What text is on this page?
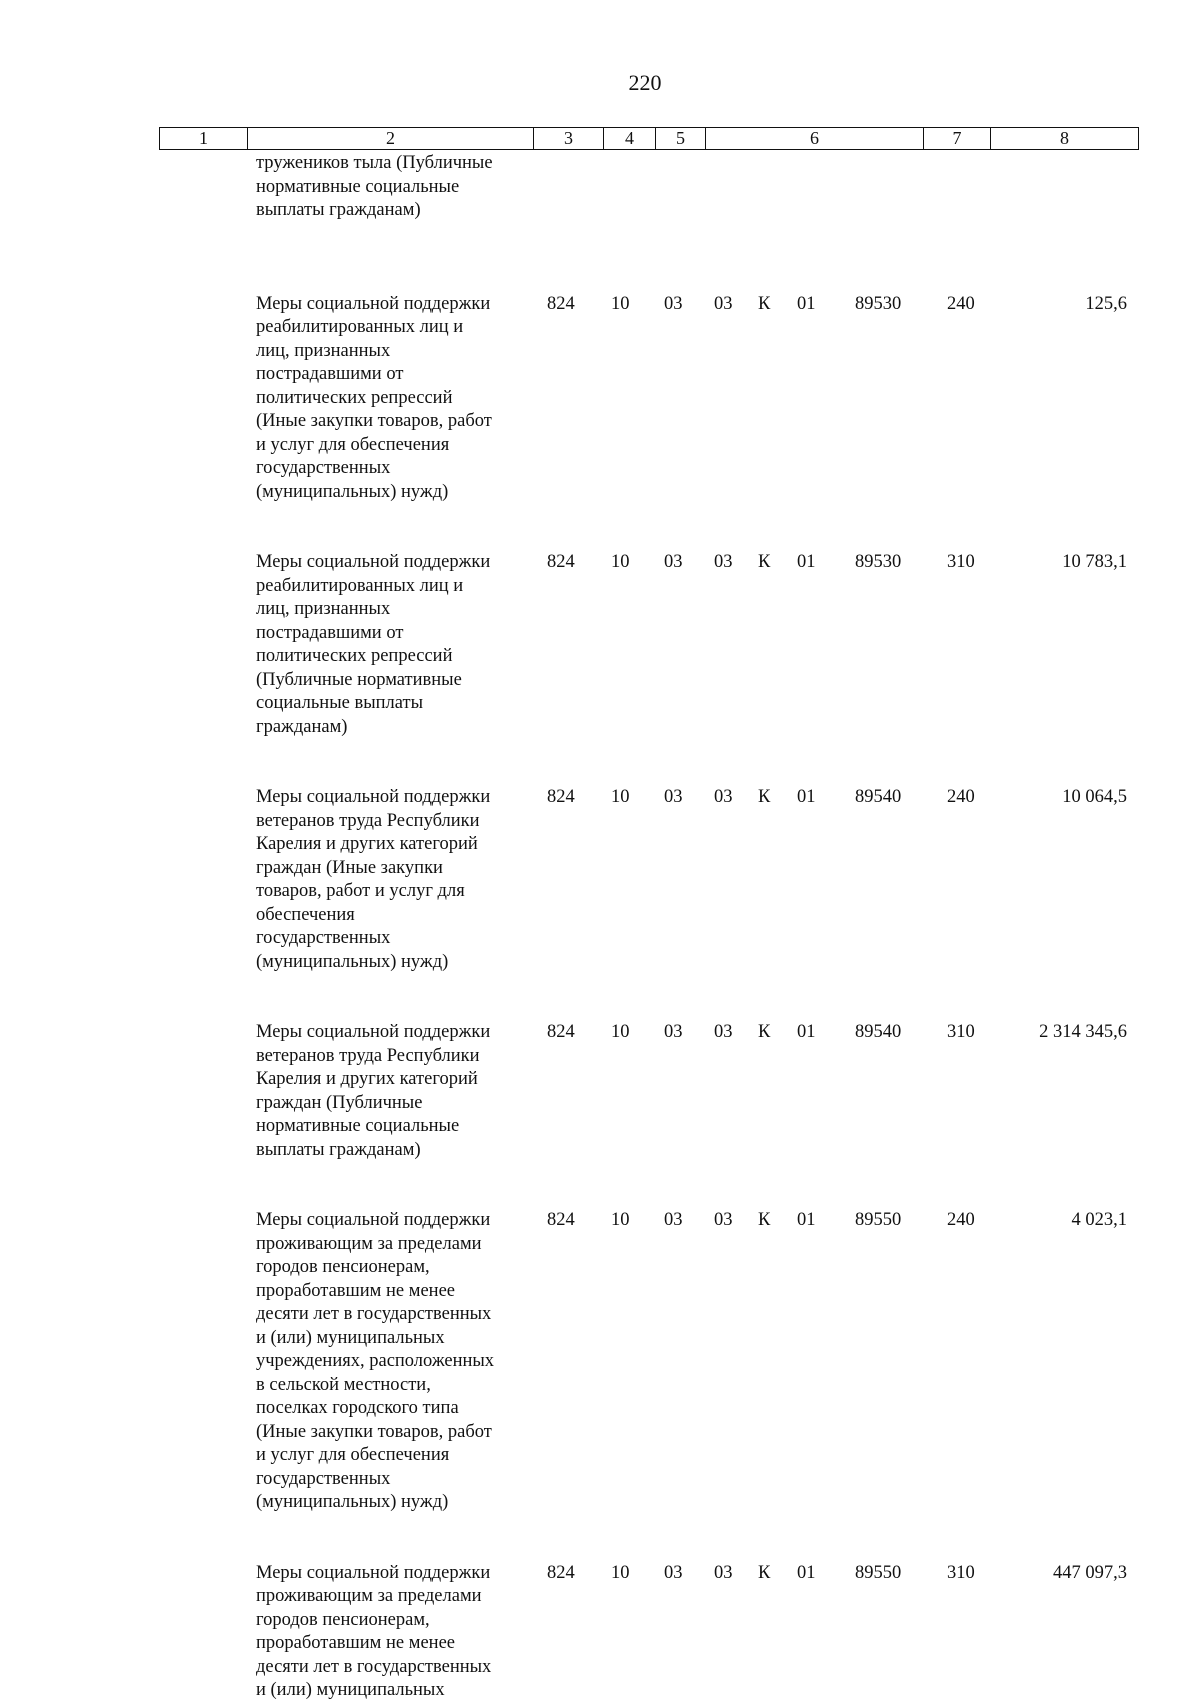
220
1	2	3	4	5	6	7	8
тружеников тыла (Публичные
нормативные социальные
выплаты гражданам)
Меры социальной поддержки
реабилитированных лиц и
лиц, признанных
пострадавшими от
политических репрессий
(Иные закупки товаров, работ
и услуг для обеспечения
государственных
(муниципальных) нужд)
824 10 03 03 К 01 89530 240	125,6
Меры социальной поддержки
реабилитированных лиц и
лиц, признанных
пострадавшими от
политических репрессий
(Публичные нормативные
социальные выплаты
гражданам)
824 10 03 03 К 01 89530 310	10 783,1
Меры социальной поддержки
ветеранов труда Республики
Карелия и других категорий
граждан (Иные закупки
товаров, работ и услуг для
обеспечения
государственных
(муниципальных) нужд)
824 10 03 03 К 01 89540 240	10 064,5
Меры социальной поддержки
ветеранов труда Республики
Карелия и других категорий
граждан (Публичные
нормативные социальные
выплаты гражданам)
824 10 03 03 К 01 89540 310	2 314 345,6
Меры социальной поддержки
проживающим за пределами
городов пенсионерам,
проработавшим не менее
десяти лет в государственных
и (или) муниципальных
учреждениях, расположенных
в сельской местности,
поселках городского типа
(Иные закупки товаров, работ
и услуг для обеспечения
государственных
(муниципальных) нужд)
824 10 03 03 К 01 89550 240	4 023,1
Меры социальной поддержки
проживающим за пределами
городов пенсионерам,
проработавшим не менее
десяти лет в государственных
и (или) муниципальных
824 10 03 03 К 01 89550 310	447 097,3
